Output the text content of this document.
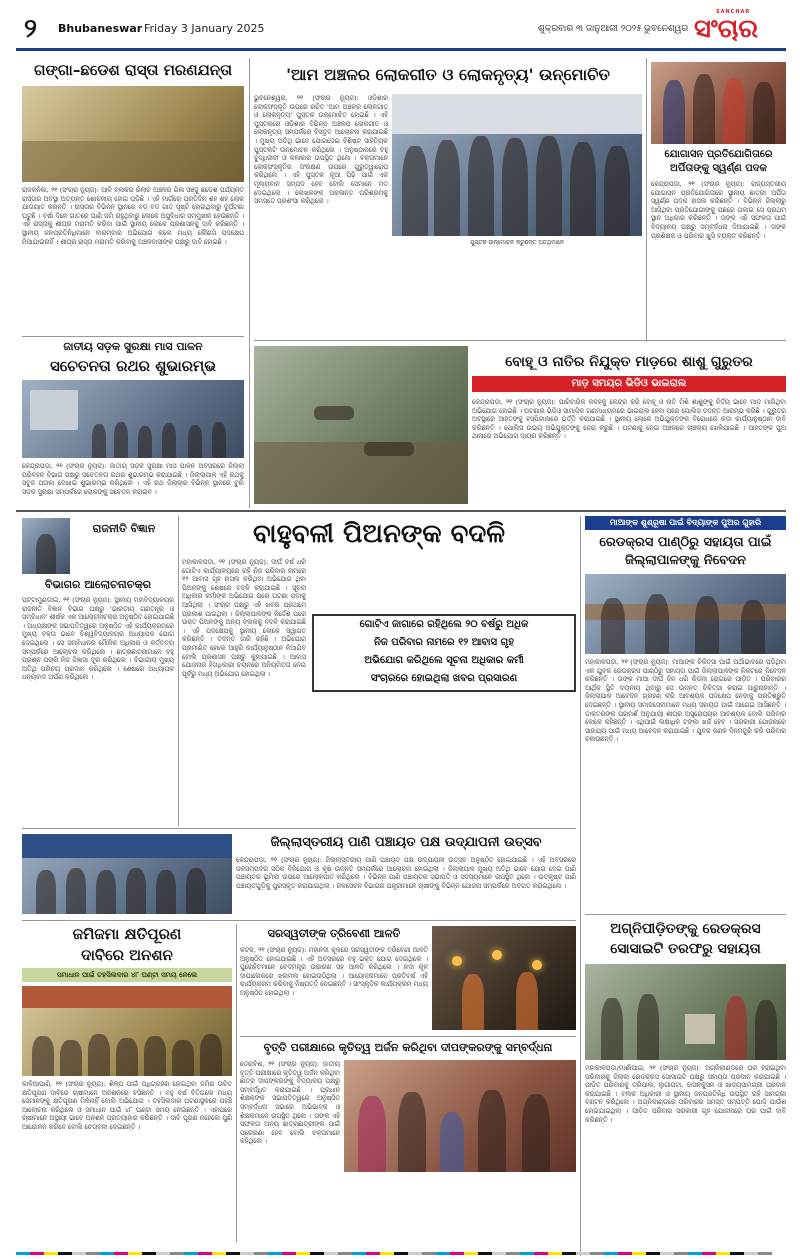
୨ Bhubaneswar Friday 3 January 2025	ଶୁକ୍ରବାର ୩ ଜାନୁଆରୀ ୨୦୨୫ ଭୁବନେଶ୍ୱର
SANCHAR
ସଂଚାର
ଗଙ୍ଗା–ଛଡେଶ ରାସ୍ତା ମରଣଯନ୍ତା
ରାଜକନିକା, ୨୧ (ସଂଚାର ନ୍ୟୁଜ): ଆଳି ବ୍ଲକର ରିଲାଚ ଅଞ୍ଚଳର ଗିଳା ସଞ୍ଜୁ ଛଡେଶ ପର୍ଯ୍ୟନ୍ତ ରାସ୍ତାର ଅବସ୍ଥା ଅତ୍ୟନ୍ତ ଶୋଚନୀୟ ହୋଇ ପଡ଼ିଛି । ଏହି ମାର୍ଗରେ ପ୍ରତିଦିନ ଶହ ଶହ ଲୋକ ଯାତାୟାତ କରନ୍ତି । ରାସ୍ତାର ବିଭିନ୍ନ ସ୍ଥାନରେ ବଡ଼ ବଡ଼ ଗାତ ସୃଷ୍ଟି ହୋଇଥିବାରୁ ଦୁର୍ଘଟଣା ଘଟୁଛି । ବର୍ଷା ଦିନେ ଗାତରେ ପାଣି ଜମି ରହୁଥିବାରୁ ଲୋକେ ଅସୁବିଧାର ସମ୍ମୁଖୀନ ହେଉଛନ୍ତି । ଏହି ରାସ୍ତାକୁ ଶୀଘ୍ର ମରାମତି କରିବା ପାଇଁ ସ୍ଥାନୀୟ ଲୋକେ ପ୍ରଶାସନକୁ ଦାବି କରିଛନ୍ତି । ସ୍ଥାନୀୟ ଜନପ୍ରତିନିଧିମାନେ ବାରମ୍ବାର ଅଭିଯୋଗ କଲେ ମଧ୍ୟ କୌଣସି ପଦକ୍ଷେପ ନିଆଯାଇନାହିଁ । ଶୀଘ୍ର ରାସ୍ତା ମରାମତି କରିବାକୁ ଅଞ୍ଚଳବାସୀଙ୍କ ପକ୍ଷରୁ ଦାବି ହୋଇଛି ।
ଜାତୀୟ ସଡ଼କ ସୁରକ୍ଷା ମାସ ପାଳନ
ସଚେତନତା ରଥର ଶୁଭାରମ୍ଭ
କେନ୍ଦ୍ରାପଡ଼ା, ୨୧ (ସଂଚାର ନ୍ୟୁଜ): ଜାତୀୟ ସଡ଼କ ସୁରକ୍ଷା ମାସ ପାଳନ ଅବସରରେ ଜିଲ୍ଲା ପରିବହନ ବିଭାଗ ପକ୍ଷରୁ ସଚେତନତା ରଥର ଶୁଭାରମ୍ଭ କରାଯାଇଛି । ଜିଲ୍ଲାପାଳ ଏହି ରଥକୁ ସବୁଜ ପତାକା ଦେଖାଇ ଶୁଭାରମ୍ଭ କରିଥିଲେ । ଏହି ରଥ ଜିଲ୍ଲାର ବିଭିନ୍ନ ସ୍ଥାନରେ ବୁଲି ସଡ଼କ ସୁରକ୍ଷା ସମ୍ପର୍କରେ ଲୋକଙ୍କୁ ସଚେତନ କରାଇବ ।
'ଆମ ଅଞ୍ଚଳର ଲୋକଗୀତ ଓ ଲୋକନୃତ୍ୟ' ଉନ୍ମୋଚିତ
ଭୁବନେଶ୍ୱର, ୨୧ (ସଂଚାର ନ୍ୟୁଜ): ଓଡ଼ିଶାର ଲୋକସଂସ୍କୃତି ଉପରେ ରଚିତ 'ଆମ ଅଞ୍ଚଳର ଲୋକଗୀତ ଓ ଲୋକନୃତ୍ୟ' ପୁସ୍ତକ ଉନ୍ମୋଚିତ ହୋଇଛି । ଏହି ପୁସ୍ତକରେ ଓଡ଼ିଶାର ବିଭିନ୍ନ ଅଞ୍ଚଳର ଲୋକଗୀତ ଓ ଲୋକନୃତ୍ୟ ସମ୍ପର୍କରେ ବିସ୍ତୃତ ଆଲୋଚନା କରାଯାଇଛି । ମୁଖ୍ୟ ଅତିଥି ଭାବେ ଯୋଗଦେଇ ବିଶିଷ୍ଟ ସାହିତ୍ୟିକ ପୁସ୍ତକଟି ଉନ୍ମୋଚନ କରିଥିଲେ । ଅନୁଷ୍ଠାନରେ ବହୁ ବୁଦ୍ଧିଜୀବୀ ଓ କଳାକାର ଉପସ୍ଥିତ ଥିଲେ । ବକ୍ତାମାନେ ଲୋକସଂସ୍କୃତିର ସଂରକ୍ଷଣ ଉପରେ ଗୁରୁତ୍ୱାରୋପ କରିଥିଲେ । ଏହି ପୁସ୍ତକ ନୂଆ ପିଢ଼ି ପାଇଁ ଏକ ମୂଲ୍ୟବାନ ସମ୍ପଦ ହେବ ବୋଲି ସେମାନେ ମତ ଦେଇଥିଲେ । ଲେଖକଙ୍କ ଅକ୍ଳାନ୍ତ ପରିଶ୍ରମକୁ ସମସ୍ତେ ପ୍ରଶଂସା କରିଥିଲେ ।
ପୁସ୍ତକ ଉନ୍ମୋଚନ କରୁଛନ୍ତି ଅତିଥିମାନେ
ଯୋଗାସନ ପ୍ରତିଯୋଗିତାରେ
ଅର୍ପିତାଙ୍କୁ ସ୍ୱର୍ଣ୍ଣ ପଦକ
କେନ୍ଦ୍ରାପଡ଼ା, ୨୧ (ସଂଚାର ନ୍ୟୁଜ): ରାଜ୍ୟସ୍ତରୀୟ ଯୋଗାସନ ପ୍ରତିଯୋଗିତାରେ ସ୍ଥାନୀୟ ଛାତ୍ରୀ ଅର୍ପିତା ସ୍ୱର୍ଣ୍ଣ ପଦକ ହାସଲ କରିଛନ୍ତି । ବିଭିନ୍ନ ଜିଲ୍ଲାରୁ ଆସିଥିବା ପ୍ରତିଯୋଗୀଙ୍କୁ ପଛରେ ପକାଇ ସେ ପ୍ରଥମ ସ୍ଥାନ ଅଧିକାର କରିଛନ୍ତି । ତାଙ୍କ ଏହି ସଫଳତା ପାଇଁ ବିଦ୍ୟାଳୟ ପକ୍ଷରୁ ସମ୍ବର୍ଦ୍ଧନା ଦିଆଯାଇଛି । ତାଙ୍କ ପ୍ରଶିକ୍ଷକ ଓ ପରିବାର ଖୁସି ବ୍ୟକ୍ତ କରିଛନ୍ତି ।
ବୋହୂ ଓ ନାତିର ନିଯୁକ୍ତ ମାଡ଼ରେ ଶାଶୁ ଗୁରୁତର
ମାଡ଼ ସମୟର ଭିଡିଓ ଭାଇରାଲ
କେନ୍ଦ୍ରାପଡ଼ା, ୨୧ (ସଂଚାର ନ୍ୟୁଜ): ପାରିବାରିକ କଳହକୁ କେନ୍ଦ୍ର କରି ବୋହୂ ଓ ନାତି ମିଶି ଶାଶୁଙ୍କୁ ନିର୍ଦ୍ଦୟ ଭାବେ ମାଡ଼ ମାରିଥିବା ଅଭିଯୋଗ ହୋଇଛି । ଘଟଣାର ଭିଡିଓ ସାମାଜିକ ଗଣମାଧ୍ୟମରେ ଭାଇରାଲ ହେବା ପରେ ପୋଲିସ ତଦନ୍ତ ଆରମ୍ଭ କରିଛି । ଗୁରୁତର ଅବସ୍ଥାରେ ଆହତଙ୍କୁ ହସ୍ପିଟାଲରେ ଭର୍ତ୍ତି କରାଯାଇଛି । ସ୍ଥାନୀୟ ଲୋକେ ଅଭିଯୁକ୍ତଙ୍କ ବିରୋଧରେ କଡ଼ା କାର୍ଯ୍ୟାନୁଷ୍ଠାନ ଦାବି କରିଛନ୍ତି । ପୋଲିସ ଉଭୟ ଅଭିଯୁକ୍ତଙ୍କୁ ଜେରା କରୁଛି । ଘଟଣାକୁ ନେଇ ଅଞ୍ଚଳରେ ଚାଞ୍ଚଲ୍ୟ ଖେଳିଯାଇଛି । ଆହତଙ୍କ ପୁଅ ଥାନାରେ ଅଭିଯୋଗ ଦାୟର କରିଛନ୍ତି ।
ରାଜନୀତି ବିଜ୍ଞାନ
ବିଭାଗର ଆଲୋଚନାଚକ୍ର
ପଟ୍ଟାମୁଣ୍ଡାଇ, ୨୧ (ସଂଚାର ନ୍ୟୁଜ): ସ୍ଥାନୀୟ ମହାବିଦ୍ୟାଳୟର ରାଜନୀତି ବିଜ୍ଞାନ ବିଭାଗ ପକ୍ଷରୁ 'ଭାରତୀୟ ଗଣତନ୍ତ୍ର ଓ ସମ୍ବିଧାନ' ଶୀର୍ଷକ ଏକ ଆଲୋଚନାଚକ୍ର ଅନୁଷ୍ଠିତ ହୋଇଯାଇଛି । ଅଧ୍ୟକ୍ଷଙ୍କ ସଭାପତିତ୍ୱରେ ଅନୁଷ୍ଠିତ ଏହି କାର୍ଯ୍ୟକ୍ରମରେ ମୁଖ୍ୟ ବକ୍ତା ଭାବେ ବିଶ୍ୱବିଦ୍ୟାଳୟର ଅଧ୍ୟାପକ ଯୋଗ ଦେଇଥିଲେ । ସେ ସମ୍ବିଧାନର ମୌଳିକ ଅଧିକାର ଓ କର୍ତ୍ତବ୍ୟ ସମ୍ପର୍କରେ ଆଲୋଚନା କରିଥିଲେ । ଛାତ୍ରଛାତ୍ରୀମାନେ ବହୁ ପ୍ରଶ୍ନ ପଚାରି ନିଜ ଜିଜ୍ଞାସା ଦୂର କରିଥିଲେ । ବିଭାଗୀୟ ମୁଖ୍ୟ ଅତିଥି ପରିଚୟ ପ୍ରଦାନ କରିଥିଲେ । ଶେଷରେ ଅଧ୍ୟାପକ ଧନ୍ୟବାଦ ଅର୍ପଣ କରିଥିଲେ ।
ବାହୁବଳୀ ପିଅନଙ୍କ ବଦଳି
ମହାକାଳପଡ଼ା, ୨୧ (ସଂଚାର ନ୍ୟୁଜ): ଦୀର୍ଘ ବର୍ଷ ଧରି ଗୋଟିଏ କାର୍ଯ୍ୟାଳୟରେ ରହି ନିଜ ପରିବାର ନାମରେ ୧୨ ଆବାସ ଗୃହ ହାସଲ କରିଥିବା ଅଭିଯୋଗ ଥିବା ପିଅନଙ୍କୁ ଶେଷରେ ବଦଳି କରାଯାଇଛି । ସୂଚନା ଅଧିକାର କର୍ମୀଙ୍କ ଅଭିଯୋଗ ପରେ ଘଟଣା ପଦାକୁ ଆସିଥିଲା । ସଂଚାର ପକ୍ଷରୁ ଏହି ଖବର ପ୍ରଥମେ ପ୍ରକାଶ ପାଇଥିଲା । ଜିଲ୍ଲାପାଳଙ୍କ ନିର୍ଦ୍ଦେଶ ପରେ ଉକ୍ତ ପିଅନଙ୍କୁ ଅନ୍ୟ ବ୍ଲକକୁ ବଦଳି କରାଯାଇଛି । ଏହି ପଦକ୍ଷେପକୁ ସ୍ଥାନୀୟ ଲୋକେ ସ୍ୱାଗତ କରିଛନ୍ତି । ତଦନ୍ତ ଜାରି ରହିଛି । ଅଭିଯୋଗ ପ୍ରମାଣିତ ହେଲେ ଆହୁରି କାର୍ଯ୍ୟାନୁଷ୍ଠାନ ନିଆଯିବ ବୋଲି ପ୍ରଶାସନ ପକ୍ଷରୁ କୁହାଯାଇଛି । ଆବାସ ଯୋଜନାର ହିତାଧିକାରୀ ଚୟନରେ ଅନିୟମିତତା ନେଇ ପୂର୍ବରୁ ମଧ୍ୟ ଅଭିଯୋଗ ହୋଇଥିଲା ।
ଗୋଟିଏ ଜାଗାରେ ରହିଥିଲେ ୨୦ ବର୍ଷରୁ ଅଧିକ
ନିଜ ପରିବାର ନାମରେ ୧୨ ଆବାସ ଗୃହ
ଅଭିଯୋଗ କରିଥିଲେ ସୂଚନା ଅଧିକାର କର୍ମୀ
ସଂଚାରରେ ହୋଇଥିଲା ଖବର ପ୍ରସାରଣ
ମାଆଙ୍କ ଶୁଶ୍ରୂଷା ପାଇଁ ବିଦ୍ୟାଙ୍କ ପୁଅର ଗୁହାରି
ରେଡକ୍ରସ ପାଣ୍ଠିରୁ ସହାୟତା ପାଇଁ
ଜିଲ୍ଲାପାଳଙ୍କୁ ନିବେଦନ
ମହାକାଳପଡ଼ା, ୨୧ (ସଂଚାର ନ୍ୟୁଜ): ମାଆଙ୍କ ଚିକିତ୍ସା ପାଇଁ ଅର୍ଥାଭାବରେ ପଡ଼ିଥିବା ଏକ ଯୁବକ ରେଡକ୍ରସ ପାଣ୍ଠିରୁ ସହାୟତା ପାଇଁ ଜିଲ୍ଲାପାଳଙ୍କ ନିକଟରେ ନିବେଦନ କରିଛନ୍ତି । ତାଙ୍କ ମାଆ ଦୀର୍ଘ ଦିନ ଧରି କିଡନୀ ରୋଗରେ ପୀଡ଼ିତ । ପରିବାରର ଆର୍ଥିକ ସ୍ଥିତି ଦୟନୀୟ ଥିବାରୁ ସେ ଉନ୍ନତ ଚିକିତ୍ସା କରାଇ ପାରୁନାହାନ୍ତି । ଜିଲ୍ଲାପାଳ ଆବେଦନ ଗ୍ରହଣ କରି ଆବଶ୍ୟକ ପଦକ୍ଷେପ ନେବାକୁ ପ୍ରତିଶ୍ରୁତି ଦେଇଛନ୍ତି । ସ୍ଥାନୀୟ ସମାଜସେବୀମାନେ ମଧ୍ୟ ସହାୟତା ପାଇଁ ଆଗେଇ ଆସିଛନ୍ତି । ଡାକ୍ତରଙ୍କ ପରାମର୍ଶ ଅନୁଯାୟୀ ଶୀଘ୍ର ଅସ୍ତ୍ରୋପଚାର ଆବଶ୍ୟକ ବୋଲି ପରିବାର ଲୋକେ କହିଛନ୍ତି । ଏଥିପାଇଁ ଲକ୍ଷାଧିକ ଟଙ୍କା ଖର୍ଚ୍ଚ ହେବ । ସରକାରୀ ଯୋଜନାରେ ସାହାଯ୍ୟ ପାଇଁ ମଧ୍ୟ ଆବେଦନ କରାଯାଇଛି । ଯୁବକ ଜଣକ ଦିନମଜୁରି କରି ପରିବାର ଚଳାଉଛନ୍ତି ।
ଅଗ୍ନିପୀଡ଼ିତଙ୍କୁ ରେଡକ୍ରସ
ସୋସାଇଟି ତରଫରୁ ସହାୟତା
ମହାକାଳପଡ଼ା/ମାର୍ଶାଘାଇ, ୨୧ (ସଂଚାର ନ୍ୟୁଜ): ଅଗ୍ନିକାଣ୍ଡରେ ଘର ହରାଇଥିବା ପରିବାରକୁ ଜିଲ୍ଲା ରେଡକ୍ରସ ସୋସାଇଟି ପକ୍ଷରୁ ସହାୟତା ପ୍ରଦାନ କରାଯାଇଛି । ପୀଡ଼ିତ ପରିବାରକୁ ତ୍ରିପାଲ, ଲୁଗାପଟା, ବାସନକୁସନ ଓ ଖାଦ୍ୟସାମଗ୍ରୀ ପ୍ରଦାନ କରାଯାଇଛି । ବ୍ଲକ ଅଧିକାରୀ ଓ ସ୍ଥାନୀୟ ଜନପ୍ରତିନିଧି ଉପସ୍ଥିତ ରହି ସାମଗ୍ରୀ ବଣ୍ଟନ କରିଥିଲେ । ଅଗ୍ନିକାଣ୍ଡରେ ପରିବାରର ସମସ୍ତ ସମ୍ପତ୍ତି ପୋଡ଼ି ପାଉଁଶ ହୋଇଯାଇଥିଲା । ପୀଡ଼ିତ ପରିବାର ସରକାରୀ ଗୃହ ଯୋଜନାରେ ଘର ପାଇଁ ଦାବି କରିଛନ୍ତି ।
ଜିଲ୍ଲାସ୍ତରୀୟ ପାଣି ପଞ୍ଚାୟତ ପକ୍ଷ ଉଦ୍‌ଯାପନୀ ଉତ୍ସବ
କେନ୍ଦ୍ରାପଡ଼ା, ୨୧ (ସଂଚାର ନ୍ୟୁଜ): ଜିଲ୍ଲାସ୍ତରୀୟ ପାଣି ପଞ୍ଚାୟତ ପକ୍ଷ ଉଦ୍‌ଯାପନୀ ଉତ୍ସବ ଅନୁଷ୍ଠିତ ହୋଇଯାଇଛି । ଏହି ଅବସରରେ ଜଳସମ୍ପଦର ସଠିକ ବିନିଯୋଗ ଓ କୃଷି ଉନ୍ନତି ସମ୍ପର୍କରେ ଆଲୋଚନା ହୋଇଥିଲା । ଜିଲ୍ଲାପାଳ ମୁଖ୍ୟ ଅତିଥି ଭାବେ ଯୋଗ ଦେଇ ପାଣି ପଞ୍ଚାୟତର ଭୂମିକା ଉପରେ ଆଲୋକପାତ କରିଥିଲେ । ବିଭିନ୍ନ ପାଣି ପଞ୍ଚାୟତର ସଭାପତି ଓ ସଦସ୍ୟମାନେ ଉପସ୍ଥିତ ଥିଲେ । ଉତ୍କୃଷ୍ଟ ପାଣି ପଞ୍ଚାୟତଗୁଡ଼ିକୁ ପୁରସ୍କୃତ କରାଯାଇଥିଲା । ଜଳସେଚନ ବିଭାଗର ଯନ୍ତ୍ରୀମାନେ ଚାଷୀଙ୍କୁ ବିଭିନ୍ନ ଯୋଜନା ସମ୍ପର୍କରେ ଅବଗତ କରାଇଥିଲେ ।
ଜମିଜମା କ୍ଷତିପୂରଣ
ଦାବିରେ ଅନଶନ
ସମାଧାନ ପାଇଁ ତହସିଲଦାର ୪୮ ଘଣ୍ଟା ସମୟ ନେଲେ
କାଳିଆପାଣି, ୨୧ (ସଂଚାର ନ୍ୟୁଜ): ଶିଳ୍ପ ପାଇଁ ଅଧିଗ୍ରହଣ ହୋଇଥିବା ଜମିର ଉଚିତ କ୍ଷତିପୂରଣ ଦାବିରେ ଚାଷୀମାନେ ଅନଶନରେ ବସିଛନ୍ତି । ବହୁ ବର୍ଷ ବିତିଗଲେ ମଧ୍ୟ ସେମାନଙ୍କୁ କ୍ଷତିପୂରଣ ମିଳିନାହିଁ ବୋଲି ଅଭିଯୋଗ । ତହସିଲଦାର ଘଟଣାସ୍ଥଳରେ ପହଞ୍ଚି ଆଲୋଚନା କରିଥିଲେ ଓ ସମାଧାନ ପାଇଁ ୪୮ ଘଣ୍ଟା ସମୟ ନେଇଛନ୍ତି । ଏହାପରେ ଚାଷୀମାନେ ଅସ୍ଥାୟୀ ଭାବେ ଅନଶନ ପ୍ରତ୍ୟାହାର କରିଛନ୍ତି । ଦାବି ପୂରଣ ନହେଲେ ପୁଣି ଆନ୍ଦୋଳନ କରିବେ ବୋଲି ଚେତାବନୀ ଦେଇଛନ୍ତି ।
ସରସ୍ୱତୀଙ୍କ ତ୍ରିବେଣୀ ଆଳତି
କଟକ, ୨୧ (ସଂଚାର ନ୍ୟୁଜ): ମହାନଦୀ କୂଳରେ ସରସ୍ୱତୀଙ୍କ ତ୍ରିବେଣୀ ଆଳତି ଅନୁଷ୍ଠିତ ହୋଇଯାଇଛି । ଏହି ଅବସରରେ ବହୁ ଭକ୍ତ ଯୋଗ ଦେଇଥିଲେ । ପୁରୋହିତମାନେ ବେଦମନ୍ତ୍ର ଉଚ୍ଚାରଣ ସହ ଆଳତି କରିଥିଲେ । ନଦୀ କୂଳ ଦୀପାଳୋକରେ ଝଲମଲ ହୋଇଉଠିଥିଲା । ଆୟୋଜକମାନେ ପ୍ରତିବର୍ଷ ଏହି କାର୍ଯ୍ୟକ୍ରମ କରିବାକୁ ନିଷ୍ପତ୍ତି ନେଇଛନ୍ତି । ସାଂସ୍କୃତିକ କାର୍ଯ୍ୟକ୍ରମ ମଧ୍ୟ ଅନୁଷ୍ଠିତ ହୋଇଥିଲା ।
ବୃତ୍ତି ପରୀକ୍ଷାରେ କୃତିତ୍ୱ ଅର୍ଜନ କରିଥିବା ଦୀପଙ୍କରଙ୍କୁ ସମ୍ବର୍ଦ୍ଧନା
ଡେରାବିଶ, ୨୧ (ସଂଚାର ନ୍ୟୁଜ): ଜାତୀୟ ବୃତ୍ତି ପରୀକ୍ଷାରେ କୃତିତ୍ୱ ଅର୍ଜନ କରିଥିବା ଛାତ୍ର ଦୀପଙ୍କରଙ୍କୁ ବିଦ୍ୟାଳୟ ପକ୍ଷରୁ ସମ୍ବର୍ଦ୍ଧିତ କରାଯାଇଛି । ପ୍ରଧାନ ଶିକ୍ଷକଙ୍କ ସଭାପତିତ୍ୱରେ ଅନୁଷ୍ଠିତ ସମ୍ବର୍ଦ୍ଧନା ସଭାରେ ଅଭିଭାବକ ଓ ଶିକ୍ଷକମାନେ ଉପସ୍ଥିତ ଥିଲେ । ତାଙ୍କ ଏହି ସଫଳତା ଅନ୍ୟ ଛାତ୍ରଛାତ୍ରୀଙ୍କ ପାଇଁ ପ୍ରେରଣା ହେବ ବୋଲି ବକ୍ତାମାନେ କହିଥିଲେ ।
